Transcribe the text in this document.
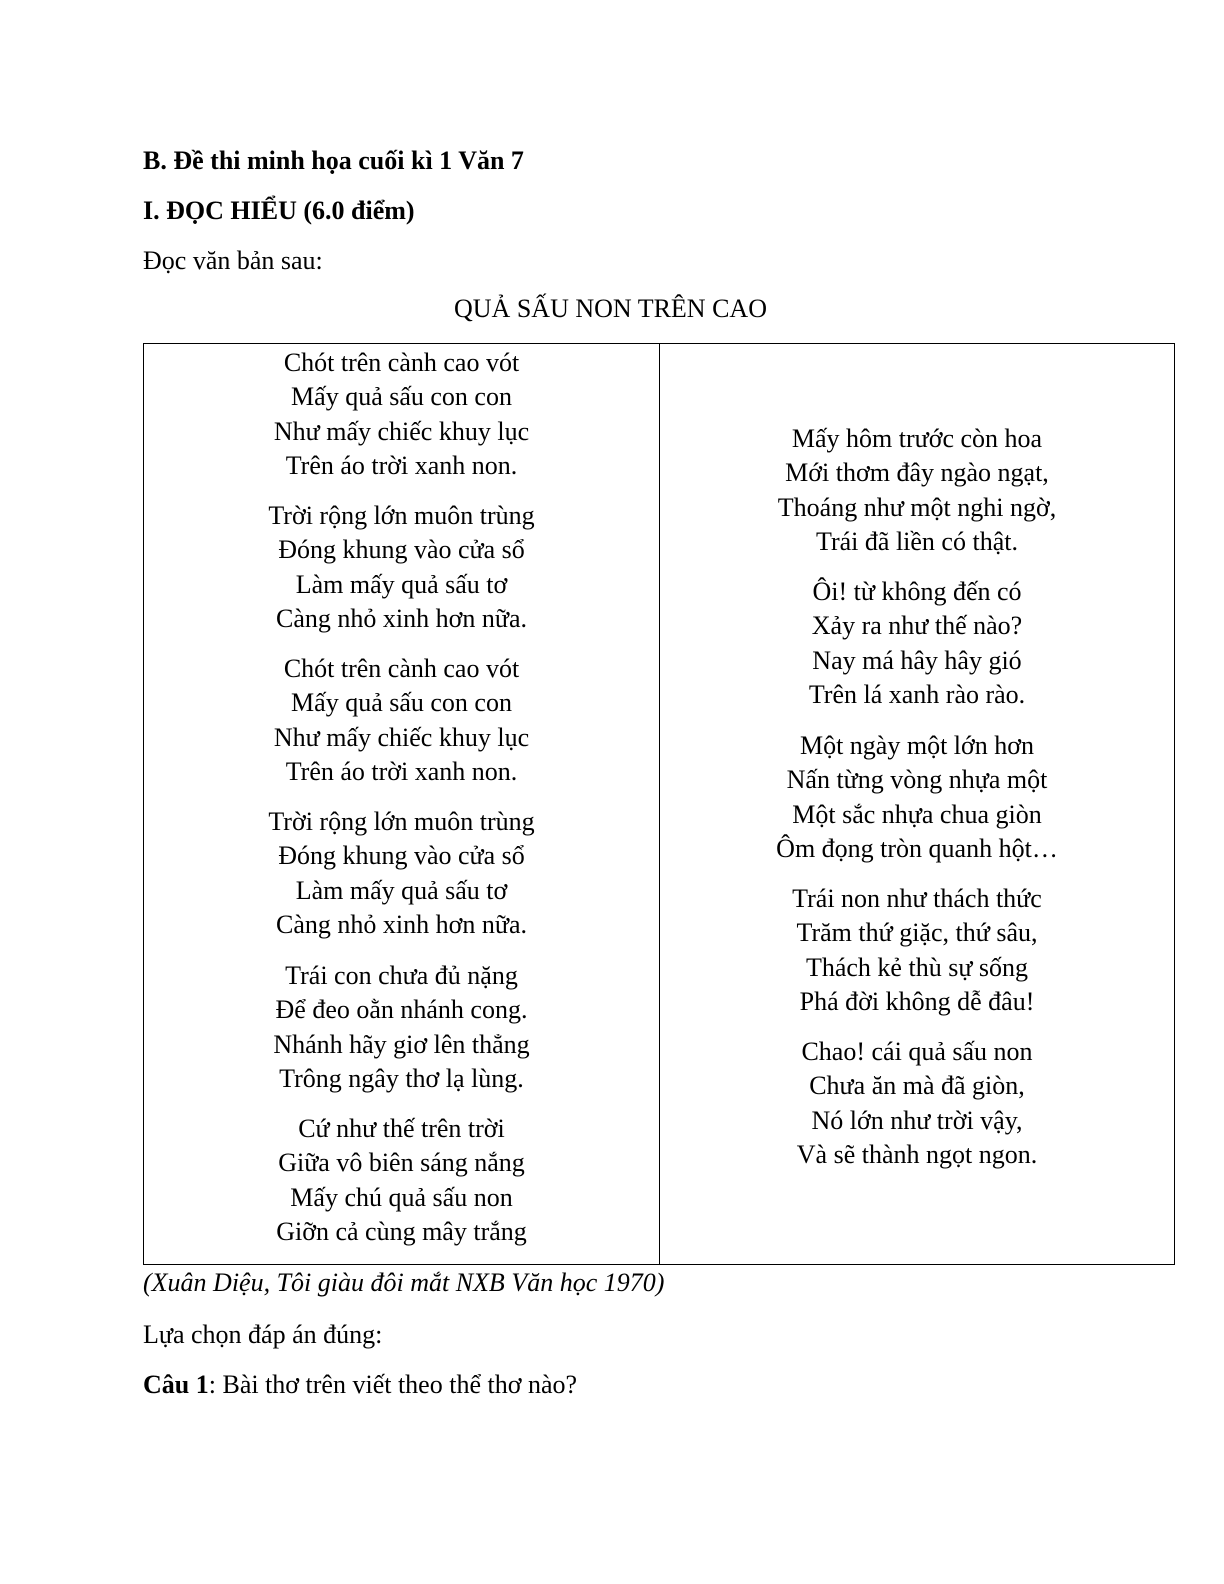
B. Đề thi minh họa cuối kì 1 Văn 7
I. ĐỌC HIỂU (6.0 điểm)
Đọc văn bản sau:
QUẢ SẤU NON TRÊN CAO
Chót trên cành cao vót
Mấy quả sấu con con
Như mấy chiếc khuy lục
Trên áo trời xanh non.
Trời rộng lớn muôn trùng
Đóng khung vào cửa sổ
Làm mấy quả sấu tơ
Càng nhỏ xinh hơn nữa.
Chót trên cành cao vót
Mấy quả sấu con con
Như mấy chiếc khuy lục
Trên áo trời xanh non.
Trời rộng lớn muôn trùng
Đóng khung vào cửa sổ
Làm mấy quả sấu tơ
Càng nhỏ xinh hơn nữa.
Trái con chưa đủ nặng
Để đeo oằn nhánh cong.
Nhánh hãy giơ lên thẳng
Trông ngây thơ lạ lùng.
Cứ như thế trên trời
Giữa vô biên sáng nắng
Mấy chú quả sấu non
Giỡn cả cùng mây trắng
Mấy hôm trước còn hoa
Mới thơm đây ngào ngạt,
Thoáng như một nghi ngờ,
Trái đã liền có thật.
Ôi! từ không đến có
Xảy ra như thế nào?
Nay má hây hây gió
Trên lá xanh rào rào.
Một ngày một lớn hơn
Nấn từng vòng nhựa một
Một sắc nhựa chua giòn
Ôm đọng tròn quanh hột…
Trái non như thách thức
Trăm thứ giặc, thứ sâu,
Thách kẻ thù sự sống
Phá đời không dễ đâu!
Chao! cái quả sấu non
Chưa ăn mà đã giòn,
Nó lớn như trời vậy,
Và sẽ thành ngọt ngon.
(Xuân Diệu, Tôi giàu đôi mắt NXB Văn học 1970)
Lựa chọn đáp án đúng:
Câu 1: Bài thơ trên viết theo thể thơ nào?
